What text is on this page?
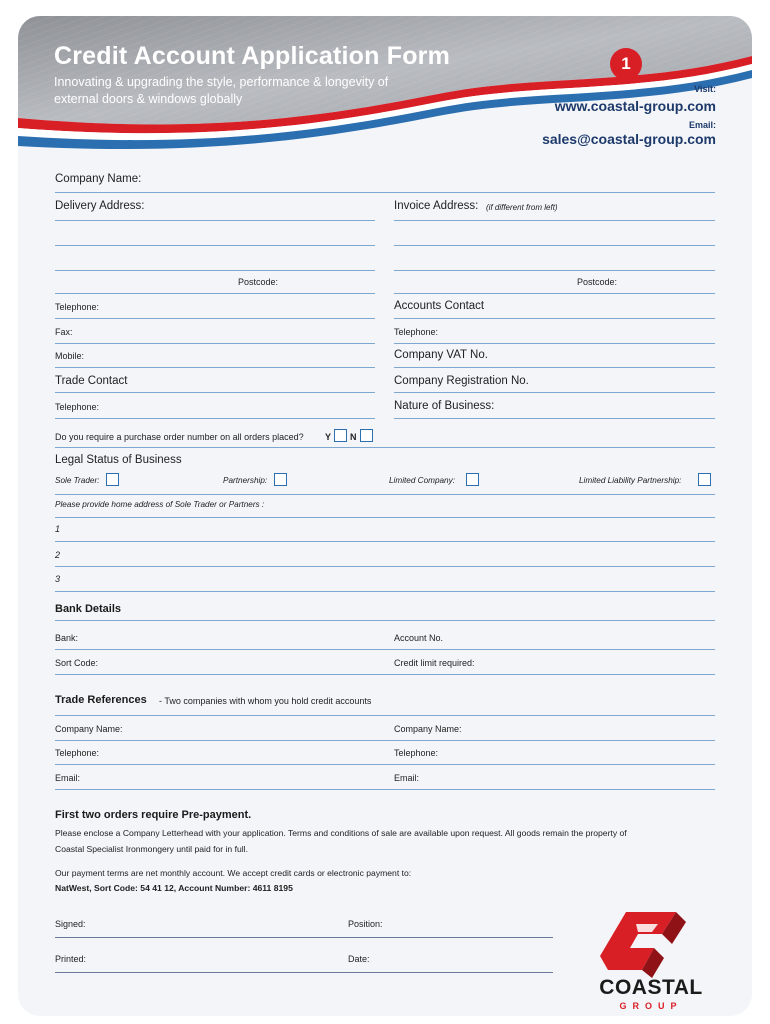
Credit Account Application Form
Innovating & upgrading the style, performance & longevity of external doors & windows globally
1
Visit:
www.coastal-group.com
Email:
sales@coastal-group.com
Company Name:
Delivery Address:	Invoice Address: (if different from left)
Postcode:	Postcode:
Telephone:	Accounts Contact
Fax:	Telephone:
Mobile:	Company VAT No.
Trade Contact	Company Registration No.
Telephone:	Nature of Business:
Do you require a purchase order number on all orders placed? Y N
Legal Status of Business
Sole Trader:	Partnership:	Limited Company:	Limited Liability Partnership:
Please provide home address of Sole Trader or Partners :
1
2
3
Bank Details
Bank:	Account No.
Sort Code:	Credit limit required:
Trade References - Two companies with whom you hold credit accounts
Company Name:	Company Name:
Telephone:	Telephone:
Email:	Email:
First two orders require Pre-payment.
Please enclose a Company Letterhead with your application. Terms and conditions of sale are available upon request. All goods remain the property of
Coastal Specialist Ironmongery until paid for in full.
Our payment terms are net monthly account. We accept credit cards or electronic payment to:
NatWest, Sort Code: 54 41 12, Account Number: 4611 8195
Signed:	Position:
Printed:	Date:
COASTAL
GROUP
